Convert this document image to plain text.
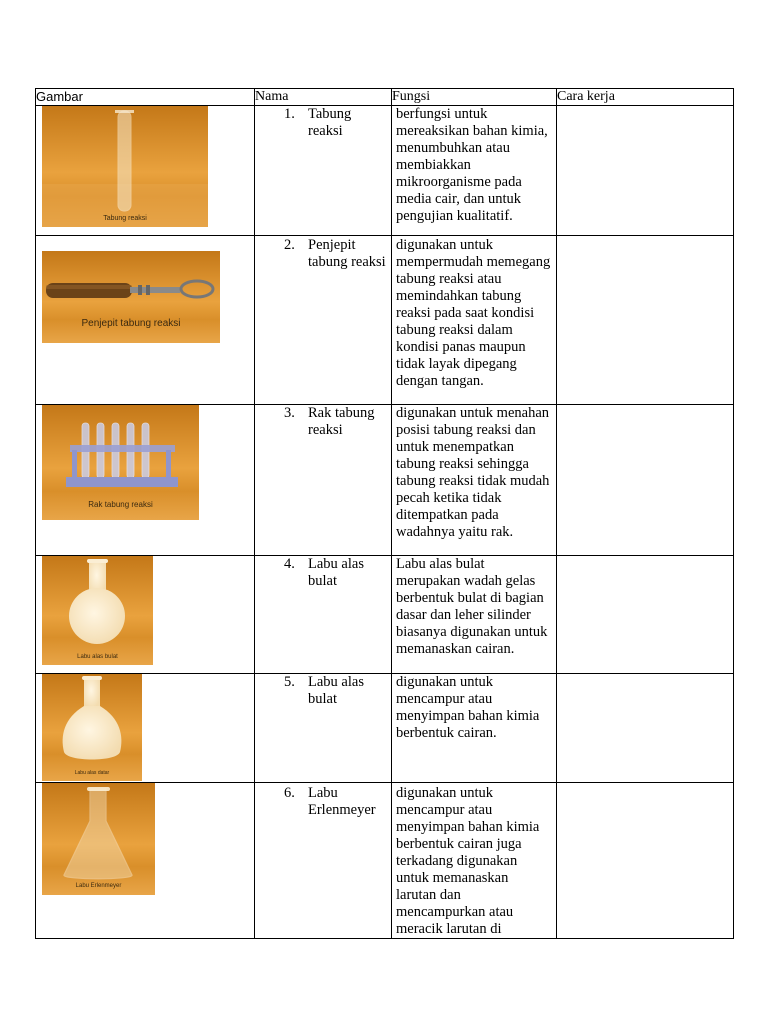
Gambar	Nama	Fungsi	Cara kerja

Tabung reaksi	1. Tabung reaksi	berfungsi untuk mereaksikan bahan kimia, menumbuhkan atau membiakkan mikroorganisme pada media cair, dan untuk pengujian kualitatif.	

Penjepit tabung reaksi	2. Penjepit tabung reaksi	digunakan untuk mempermudah memegang tabung reaksi atau memindahkan tabung reaksi pada saat kondisi tabung reaksi dalam kondisi panas maupun tidak layak dipegang dengan tangan.	

Rak tabung reaksi	3. Rak tabung reaksi	digunakan untuk menahan posisi tabung reaksi dan untuk menempatkan tabung reaksi sehingga tabung reaksi tidak mudah pecah ketika tidak ditempatkan pada wadahnya yaitu rak.	

Labu alas bulat	4. Labu alas bulat	Labu alas bulat merupakan wadah gelas berbentuk bulat di bagian dasar dan leher silinder biasanya digunakan untuk memanaskan cairan.	

Labu alas datar	5. Labu alas bulat	digunakan untuk mencampur atau menyimpan bahan kimia berbentuk cairan.	

Labu Erlenmeyer	6. Labu Erlenmeyer	digunakan untuk mencampur atau menyimpan bahan kimia berbentuk cairan juga terkadang digunakan untuk memanaskan larutan dan mencampurkan atau meracik larutan di	
